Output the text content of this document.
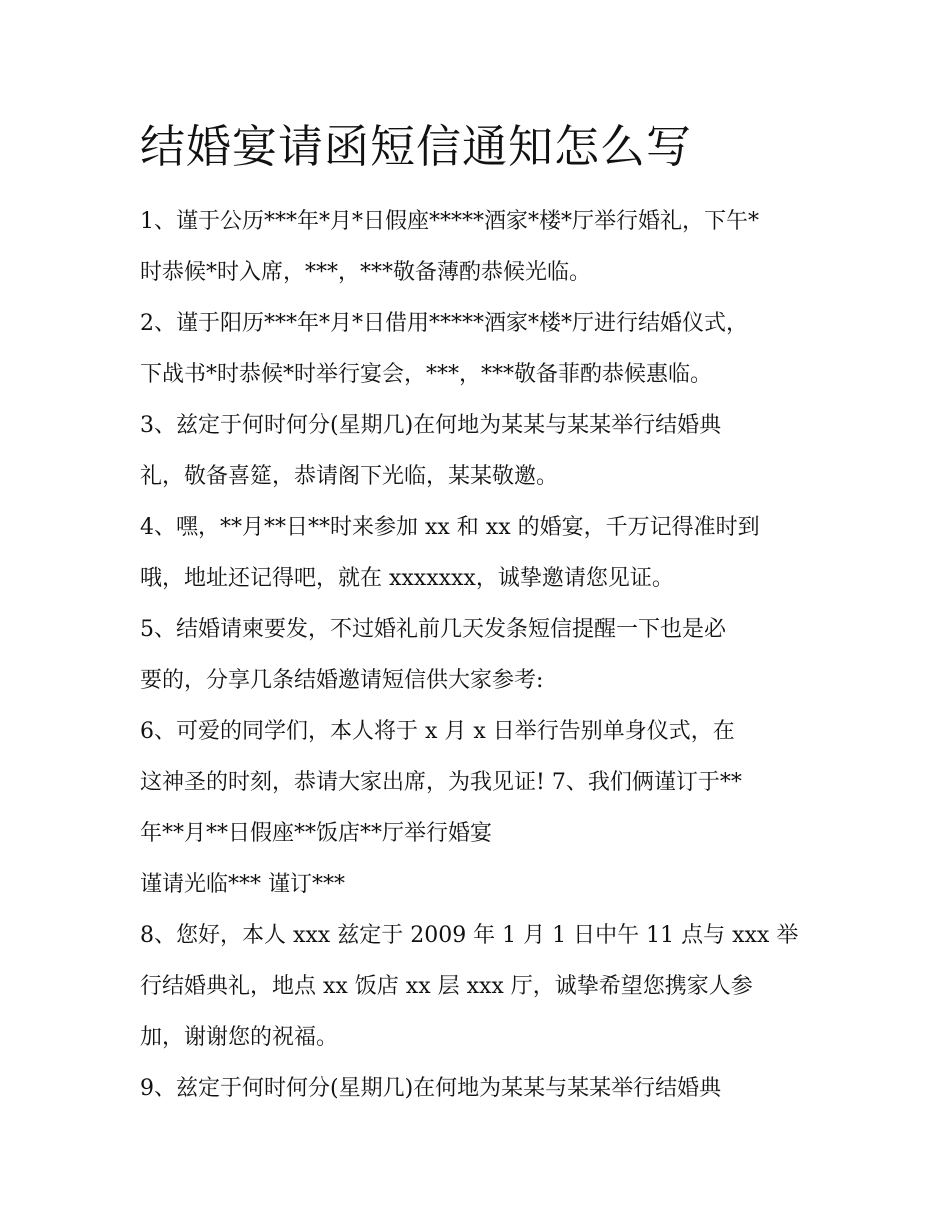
结婚宴请函短信通知怎么写

1、谨于公历***年*月*日假座*****酒家*楼*厅举行婚礼，下午*
时恭候*时入席，***，***敬备薄酌恭候光临。

2、谨于阳历***年*月*日借用*****酒家*楼*厅进行结婚仪式，
下战书*时恭候*时举行宴会，***，***敬备菲酌恭候惠临。

3、兹定于何时何分(星期几)在何地为某某与某某举行结婚典
礼，敬备喜筵，恭请阁下光临，某某敬邀。

4、嘿，**月**日**时来参加 xx 和 xx 的婚宴，千万记得准时到
哦，地址还记得吧，就在 xxxxxxx，诚挚邀请您见证。

5、结婚请柬要发，不过婚礼前几天发条短信提醒一下也是必
要的，分享几条结婚邀请短信供大家参考:

6、可爱的同学们，本人将于 x 月 x 日举行告别单身仪式，在
这神圣的时刻，恭请大家出席，为我见证! 7、我们俩谨订于**
年**月**日假座**饭店**厅举行婚宴
谨请光临*** 谨订***

8、您好，本人 xxx 兹定于 2009 年 1 月 1 日中午 11 点与 xxx 举
行结婚典礼，地点 xx 饭店 xx 层 xxx 厅，诚挚希望您携家人参
加，谢谢您的祝福。

9、兹定于何时何分(星期几)在何地为某某与某某举行结婚典
